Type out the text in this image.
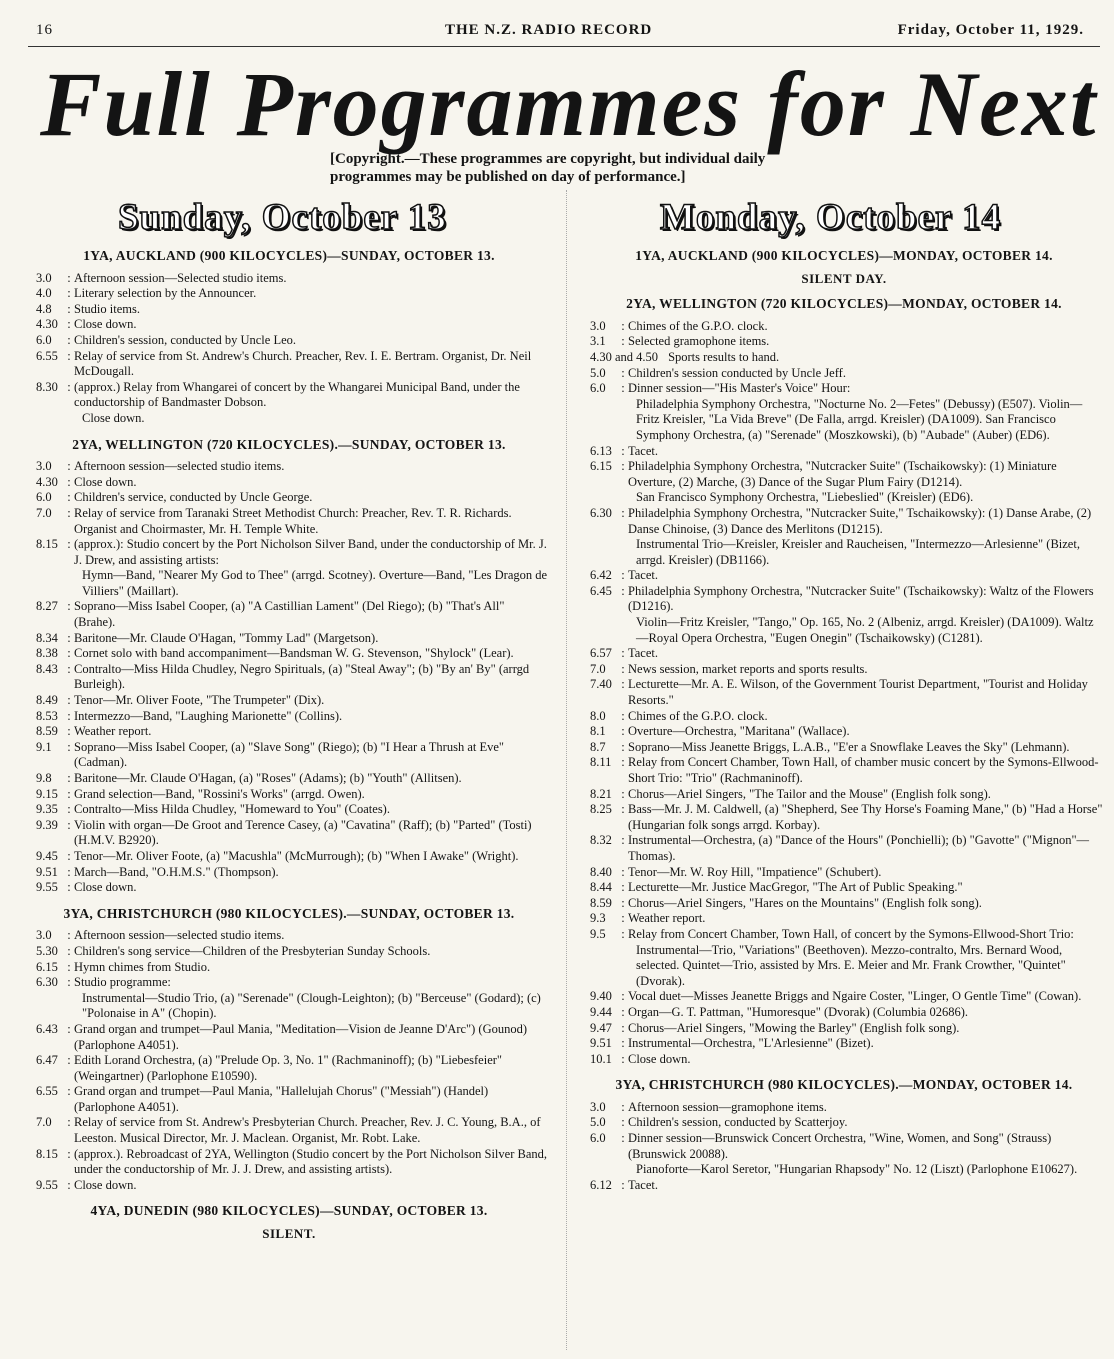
16	THE N.Z. RADIO RECORD	Friday, October 11, 1929.
Full Programmes for Next
[Copyright.—These programmes are copyright, but individual daily programmes may be published on day of performance.]
Sunday, October 13	Monday, October 14
1YA, AUCKLAND (900 KILOCYCLES)—SUNDAY, OCTOBER 13.
3.0	: Afternoon session—Selected studio items.
4.0	: Literary selection by the Announcer.
4.8	: Studio items.
4.30 : Close down.
6.0	: Children's session, conducted by Uncle Leo.
6.55 : Relay of service from St. Andrew's Church. Preacher, Rev. I. E. Bertram. Organist, Dr. Neil McDougall.
8.30 : (approx.) Relay from Whangarei of concert by the Whangarei Municipal Band, under the conductorship of Bandmaster Dobson.
Close down.
2YA, WELLINGTON (720 KILOCYCLES).—SUNDAY, OCTOBER 13.
3.0	: Afternoon session—selected studio items.
4.30 : Close down.
6.0	: Children's service, conducted by Uncle George.
7.0	: Relay of service from Taranaki Street Methodist Church: Preacher, Rev. T. R. Richards. Organist and Choirmaster, Mr. H. Temple White.
8.15 : (approx.): Studio concert by the Port Nicholson Silver Band, under the conductorship of Mr. J. J. Drew, and assisting artists:
Hymn—Band, "Nearer My God to Thee" (arrgd. Scotney). Overture—Band, "Les Dragon de Villiers" (Maillart).
8.27 : Soprano—Miss Isabel Cooper, (a) "A Castillian Lament" (Del Riego); (b) "That's All" (Brahe).
8.34 : Baritone—Mr. Claude O'Hagan, "Tommy Lad" (Margetson).
8.38 : Cornet solo with band accompaniment—Bandsman W. G. Stevenson, "Shylock" (Lear).
8.43 : Contralto—Miss Hilda Chudley, Negro Spirituals, (a) "Steal Away"; (b) "By an' By" (arrgd Burleigh).
8.49 : Tenor—Mr. Oliver Foote, "The Trumpeter" (Dix).
8.53 : Intermezzo—Band, "Laughing Marionette" (Collins).
8.59 : Weather report.
9.1	: Soprano—Miss Isabel Cooper, (a) "Slave Song" (Riego); (b) "I Hear a Thrush at Eve" (Cadman).
9.8	: Baritone—Mr. Claude O'Hagan, (a) "Roses" (Adams); (b) "Youth" (Allitsen).
9.15 : Grand selection—Band, "Rossini's Works" (arrgd. Owen).
9.35 : Contralto—Miss Hilda Chudley, "Homeward to You" (Coates).
9.39 : Violin with organ—De Groot and Terence Casey, (a) "Cavatina" (Raff); (b) "Parted" (Tosti) (H.M.V. B2920).
9.45 : Tenor—Mr. Oliver Foote, (a) "Macushla" (McMurrough); (b) "When I Awake" (Wright).
9.51 : March—Band, "O.H.M.S." (Thompson).
9.55 : Close down.
3YA, CHRISTCHURCH (980 KILOCYCLES).—SUNDAY, OCTOBER 13.
3.0	: Afternoon session—selected studio items.
5.30 : Children's song service—Children of the Presbyterian Sunday Schools.
6.15 : Hymn chimes from Studio.
6.30 : Studio programme:
Instrumental—Studio Trio, (a) "Serenade" (Clough-Leighton); (b) "Berceuse" (Godard); (c) "Polonaise in A" (Chopin).
6.43 : Grand organ and trumpet—Paul Mania, "Meditation—Vision de Jeanne D'Arc") (Gounod) (Parlophone A4051).
6.47 : Edith Lorand Orchestra, (a) "Prelude Op. 3, No. 1" (Rachmaninoff); (b) "Liebesfeier" (Weingartner) (Parlophone E10590).
6.55 : Grand organ and trumpet—Paul Mania, "Hallelujah Chorus" ("Messiah") (Handel) (Parlophone A4051).
7.0	: Relay of service from St. Andrew's Presbyterian Church. Preacher, Rev. J. C. Young, B.A., of Leeston. Musical Director, Mr. J. Maclean. Organist, Mr. Robt. Lake.
8.15 : (approx.). Rebroadcast of 2YA, Wellington (Studio concert by the Port Nicholson Silver Band, under the conductorship of Mr. J. J. Drew, and assisting artists).
9.55 : Close down.
4YA, DUNEDIN (980 KILOCYCLES)—SUNDAY, OCTOBER 13.
SILENT.
1YA, AUCKLAND (900 KILOCYCLES)—MONDAY, OCTOBER 14.
SILENT DAY.
2YA, WELLINGTON (720 KILOCYCLES)—MONDAY, OCTOBER 14.
3.0	: Chimes of the G.P.O. clock.
3.1	: Selected gramophone items.
4.30 and 4.50 Sports results to hand.
5.0	: Children's session conducted by Uncle Jeff.
6.0	: Dinner session—"His Master's Voice" Hour:
Philadelphia Symphony Orchestra, "Nocturne No. 2—Fetes" (Debussy) (E507). Violin—Fritz Kreisler, "La Vida Breve" (De Falla, arrgd. Kreisler) (DA1009). San Francisco Symphony Orchestra, (a) "Serenade" (Moszkowski), (b) "Aubade" (Auber) (ED6).
6.13 : Tacet.
6.15 : Philadelphia Symphony Orchestra, "Nutcracker Suite" (Tschaikowsky): (1) Miniature Overture, (2) Marche, (3) Dance of the Sugar Plum Fairy (D1214).
San Francisco Symphony Orchestra, "Liebeslied" (Kreisler) (ED6).
6.30 : Philadelphia Symphony Orchestra, "Nutcracker Suite," Tschaikowsky): (1) Danse Arabe, (2) Danse Chinoise, (3) Dance des Merlitons (D1215).
Instrumental Trio—Kreisler, Kreisler and Raucheisen, "Intermezzo—Arlesienne" (Bizet, arrgd. Kreisler) (DB1166).
6.42 : Tacet.
6.45 : Philadelphia Symphony Orchestra, "Nutcracker Suite" (Tschaikowsky): Waltz of the Flowers (D1216).
Violin—Fritz Kreisler, "Tango," Op. 165, No. 2 (Albeniz, arrgd. Kreisler) (DA1009). Waltz—Royal Opera Orchestra, "Eugen Onegin" (Tschaikowsky) (C1281).
6.57 : Tacet.
7.0	: News session, market reports and sports results.
7.40 : Lecturette—Mr. A. E. Wilson, of the Government Tourist Department, "Tourist and Holiday Resorts."
8.0	: Chimes of the G.P.O. clock.
8.1	: Overture—Orchestra, "Maritana" (Wallace).
8.7	: Soprano—Miss Jeanette Briggs, L.A.B., "E'er a Snowflake Leaves the Sky" (Lehmann).
8.11 : Relay from Concert Chamber, Town Hall, of chamber music concert by the Symons-Ellwood-Short Trio: "Trio" (Rachmaninoff).
8.21 : Chorus—Ariel Singers, "The Tailor and the Mouse" (English folk song).
8.25 : Bass—Mr. J. M. Caldwell, (a) "Shepherd, See Thy Horse's Foaming Mane," (b) "Had a Horse" (Hungarian folk songs arrgd. Korbay).
8.32 : Instrumental—Orchestra, (a) "Dance of the Hours" (Ponchielli); (b) "Gavotte" ("Mignon"—Thomas).
8.40 : Tenor—Mr. W. Roy Hill, "Impatience" (Schubert).
8.44 : Lecturette—Mr. Justice MacGregor, "The Art of Public Speaking."
8.59 : Chorus—Ariel Singers, "Hares on the Mountains" (English folk song).
9.3	: Weather report.
9.5	: Relay from Concert Chamber, Town Hall, of concert by the Symons-Ellwood-Short Trio:
Instrumental—Trio, "Variations" (Beethoven). Mezzo-contralto, Mrs. Bernard Wood, selected. Quintet—Trio, assisted by Mrs. E. Meier and Mr. Frank Crowther, "Quintet" (Dvorak).
9.40 : Vocal duet—Misses Jeanette Briggs and Ngaire Coster, "Linger, O Gentle Time" (Cowan).
9.44 : Organ—G. T. Pattman, "Humoresque" (Dvorak) (Columbia 02686).
9.47 : Chorus—Ariel Singers, "Mowing the Barley" (English folk song).
9.51 : Instrumental—Orchestra, "L'Arlesienne" (Bizet).
10.1 : Close down.
3YA, CHRISTCHURCH (980 KILOCYCLES).—MONDAY, OCTOBER 14.
3.0	: Afternoon session—gramophone items.
5.0	: Children's session, conducted by Scatterjoy.
6.0	: Dinner session—Brunswick Concert Orchestra, "Wine, Women, and Song" (Strauss) (Brunswick 20088).
Pianoforte—Karol Seretor, "Hungarian Rhapsody" No. 12 (Liszt) (Parlophone E10627).
6.12 : Tacet.
